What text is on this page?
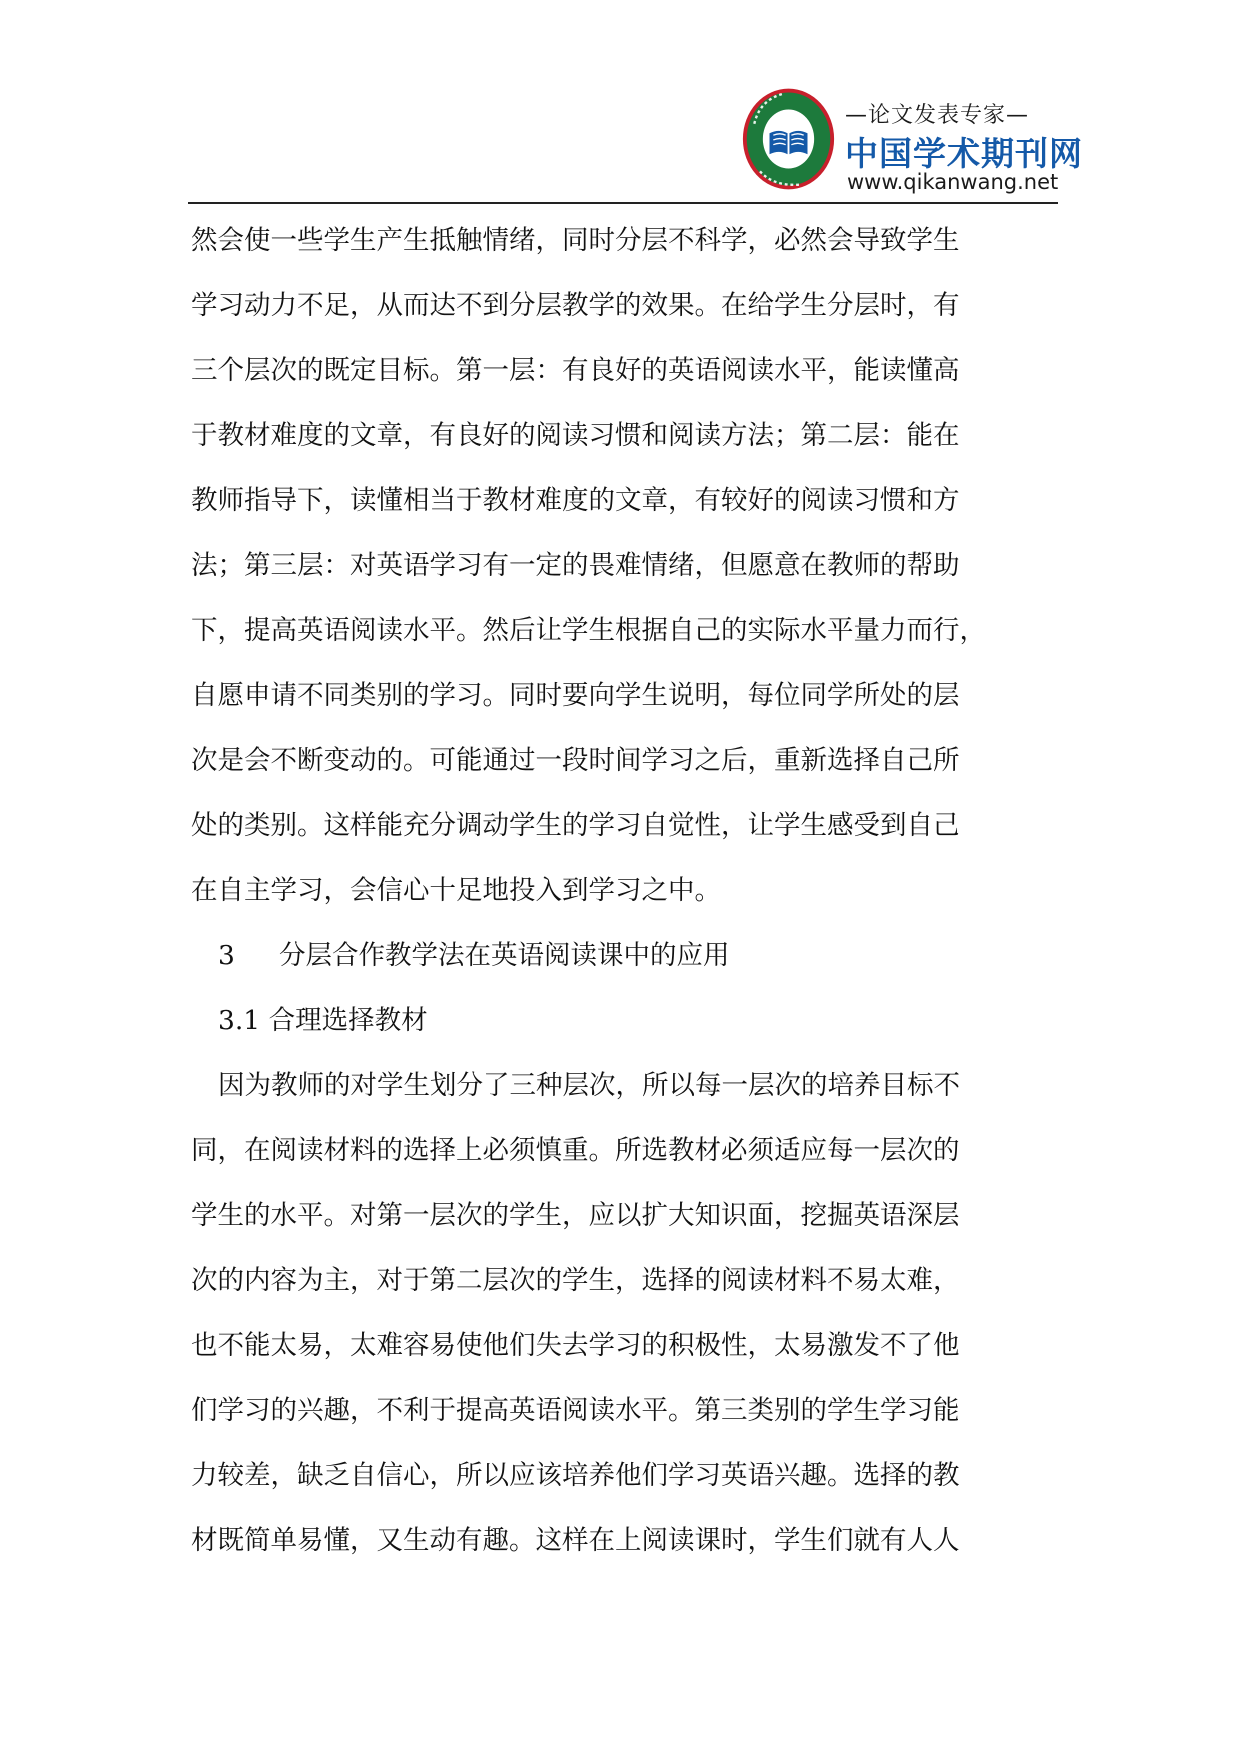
—论文发表专家—
中国学术期刊网
www.qikanwang.net
然会使一些学生产生抵触情绪，同时分层不科学，必然会导致学生
学习动力不足，从而达不到分层教学的效果。在给学生分层时，有
三个层次的既定目标。第一层：有良好的英语阅读水平，能读懂高
于教材难度的文章，有良好的阅读习惯和阅读方法；第二层：能在
教师指导下，读懂相当于教材难度的文章，有较好的阅读习惯和方
法；第三层：对英语学习有一定的畏难情绪，但愿意在教师的帮助
下，提高英语阅读水平。然后让学生根据自己的实际水平量力而行，
自愿申请不同类别的学习。同时要向学生说明，每位同学所处的层
次是会不断变动的。可能通过一段时间学习之后，重新选择自己所
处的类别。这样能充分调动学生的学习自觉性，让学生感受到自己
在自主学习，会信心十足地投入到学习之中。
3 分层合作教学法在英语阅读课中的应用
3.1 合理选择教材
因为教师的对学生划分了三种层次，所以每一层次的培养目标不
同，在阅读材料的选择上必须慎重。所选教材必须适应每一层次的
学生的水平。对第一层次的学生，应以扩大知识面，挖掘英语深层
次的内容为主，对于第二层次的学生，选择的阅读材料不易太难，
也不能太易，太难容易使他们失去学习的积极性，太易激发不了他
们学习的兴趣，不利于提高英语阅读水平。第三类别的学生学习能
力较差，缺乏自信心，所以应该培养他们学习英语兴趣。选择的教
材既简单易懂，又生动有趣。这样在上阅读课时，学生们就有人人
